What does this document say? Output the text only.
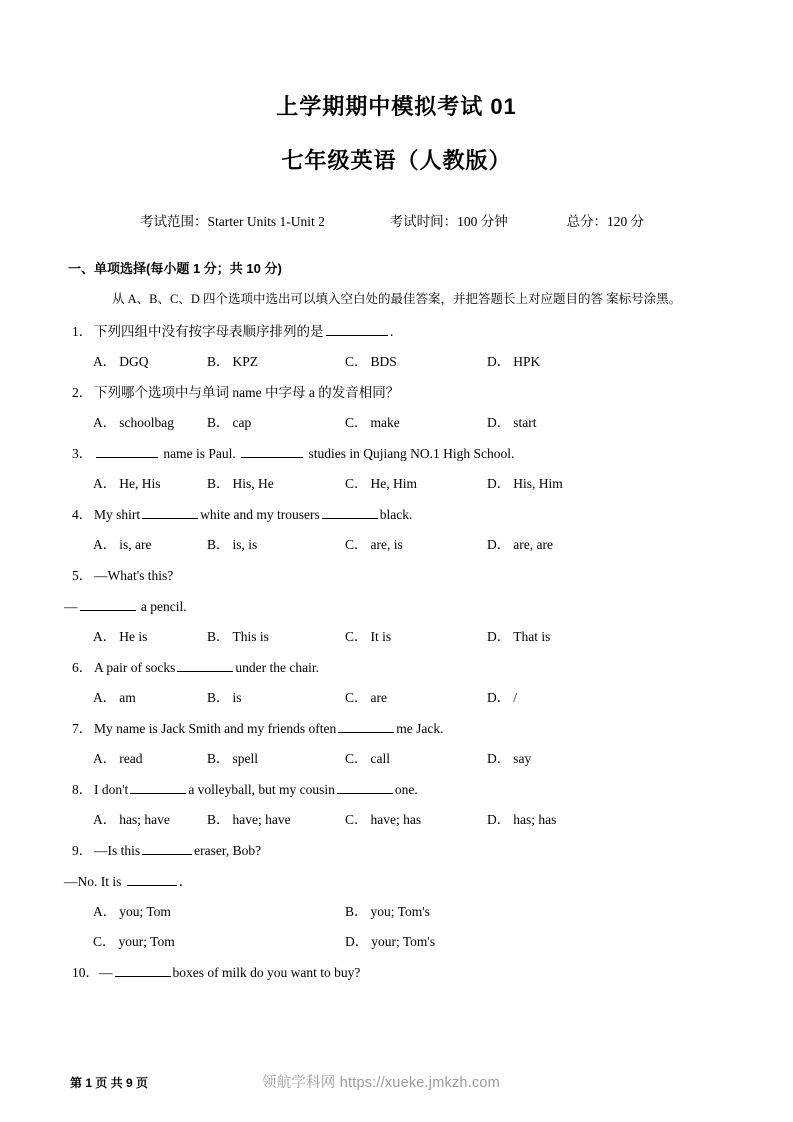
上学期期中模拟考试 01
七年级英语（人教版）
考试范围：Starter Units 1-Unit 2	考试时间：100 分钟	总分：120 分
一、单项选择(每小题 1 分；共 10 分)
从 A、B、C、D 四个选项中选出可以填入空白处的最佳答案，并把答题长上对应题目的答 案标号涂黑。
1． 下列四组中没有按字母表顺序排列的是	．
A． DGQ	B． KPZ	C． BDS	D． HPK
2． 下列哪个选项中与单词 name 中字母 a 的发音相同？
A． schoolbag B． cap	C． make	D． start
3．	name is Paul.	studies in Qujiang NO.1 High School.
A． He, His	B． His, He	C． He, Him	D． His, Him
4． My shirt	white and my trousers	black.
A． is, are	B． is, is	C． are, is	D． are, are
5． —What's this?
—	a pencil.
A． He is	B． This is	C． It is	D． That is
6． A pair of socks	under the chair.
A． am	B． is	C． are	D． /
7． My name is Jack Smith and my friends often	me Jack.
A． read	B． spell	C． call	D． say
8． I don't	a volleyball, but my cousin	one.
A． has; have	B． have; have	C． have; has	D． has; has
9． —Is this	eraser, Bob?
—No. It is	．
A． you; Tom	B． you; Tom's
C． your; Tom	D． your; Tom's
10．—	boxes of milk do you want to buy?
第 1 页 共 9 页	领航学科网 https://xueke.jmkzh.com
